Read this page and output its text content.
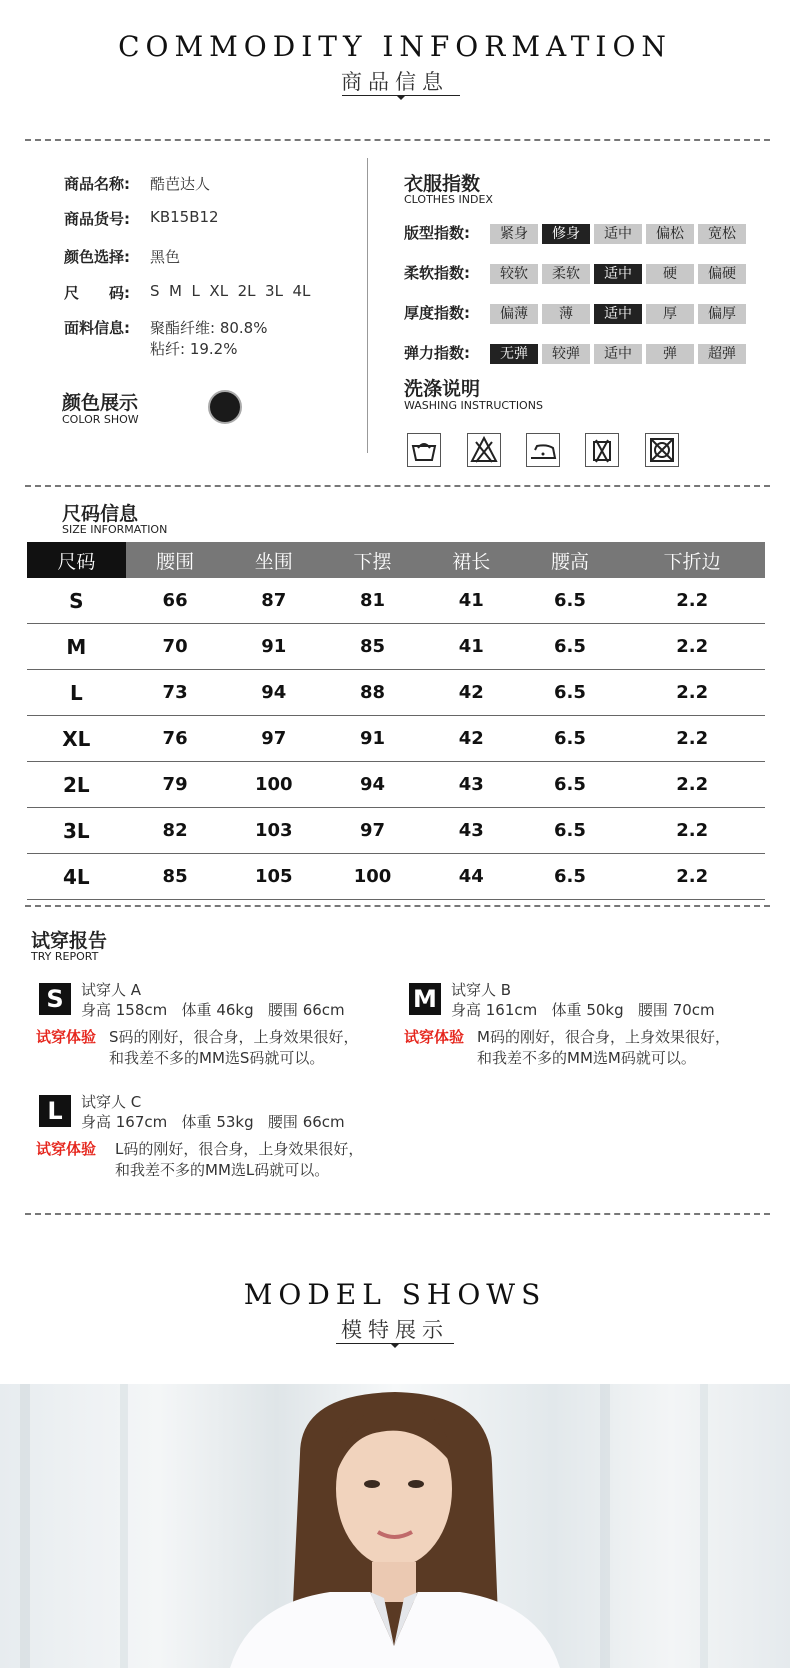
COMMODITY INFORMATION
商品信息
商品名称: 酷芭达人
商品货号: KB15B12
颜色选择: 黑色
尺　　码: S  M  L  XL  2L  3L  4L
面料信息: 聚酯纤维: 80.8%
粘纤: 19.2%
颜色展示
COLOR SHOW
衣服指数
CLOTHES INDEX
版型指数:	紧身	修身	适中	偏松	宽松
柔软指数:	较软	柔软	适中	硬	偏硬
厚度指数:	偏薄	薄	适中	厚	偏厚
弹力指数:	无弹	较弹	适中	弹	超弹
洗涤说明
WASHING INSTRUCTIONS
尺码信息
SIZE INFORMATION
尺码	腰围	坐围	下摆	裙长	腰高	下折边
S	66	87	81	41	6.5	2.2
M	70	91	85	41	6.5	2.2
L	73	94	88	42	6.5	2.2
XL	76	97	91	42	6.5	2.2
2L	79	100	94	43	6.5	2.2
3L	82	103	97	43	6.5	2.2
4L	85	105	100	44	6.5	2.2
试穿报告
TRY REPORT
S	试穿人 A
身高 158cm   体重 46kg   腰围 66cm
试穿体验 S码的刚好，很合身，上身效果很好，
和我差不多的MM选S码就可以。
M 试穿人 B
身高 161cm   体重 50kg   腰围 70cm
试穿体验 M码的刚好，很合身，上身效果很好，
和我差不多的MM选M码就可以。
L	试穿人 C
身高 167cm   体重 53kg   腰围 66cm
试穿体验 L码的刚好，很合身，上身效果很好，
和我差不多的MM选L码就可以。
MODEL SHOWS
模特展示
